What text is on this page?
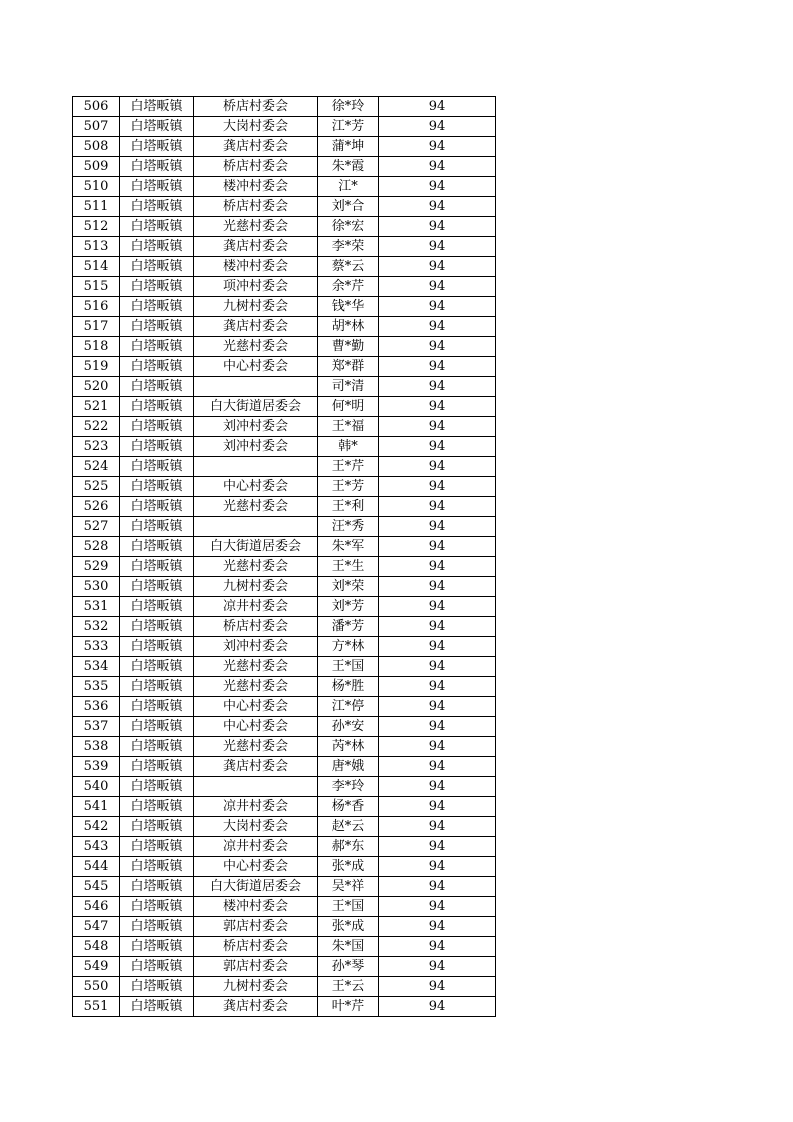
506	白塔畈镇	桥店村委会	徐*玲	94
507	白塔畈镇	大岗村委会	江*芳	94
508	白塔畈镇	龚店村委会	蒲*坤	94
509	白塔畈镇	桥店村委会	朱*霞	94
510	白塔畈镇	楼冲村委会	江*	94
511	白塔畈镇	桥店村委会	刘*合	94
512	白塔畈镇	光慈村委会	徐*宏	94
513	白塔畈镇	龚店村委会	李*荣	94
514	白塔畈镇	楼冲村委会	蔡*云	94
515	白塔畈镇	项冲村委会	余*芹	94
516	白塔畈镇	九树村委会	钱*华	94
517	白塔畈镇	龚店村委会	胡*林	94
518	白塔畈镇	光慈村委会	曹*勤	94
519	白塔畈镇	中心村委会	郑*群	94
520	白塔畈镇		司*清	94
521	白塔畈镇	白大街道居委会	何*明	94
522	白塔畈镇	刘冲村委会	王*福	94
523	白塔畈镇	刘冲村委会	韩*	94
524	白塔畈镇		王*芹	94
525	白塔畈镇	中心村委会	王*芳	94
526	白塔畈镇	光慈村委会	王*利	94
527	白塔畈镇		汪*秀	94
528	白塔畈镇	白大街道居委会	朱*军	94
529	白塔畈镇	光慈村委会	王*生	94
530	白塔畈镇	九树村委会	刘*荣	94
531	白塔畈镇	凉井村委会	刘*芳	94
532	白塔畈镇	桥店村委会	潘*芳	94
533	白塔畈镇	刘冲村委会	方*林	94
534	白塔畈镇	光慈村委会	王*国	94
535	白塔畈镇	光慈村委会	杨*胜	94
536	白塔畈镇	中心村委会	江*停	94
537	白塔畈镇	中心村委会	孙*安	94
538	白塔畈镇	光慈村委会	芮*林	94
539	白塔畈镇	龚店村委会	唐*娥	94
540	白塔畈镇		李*玲	94
541	白塔畈镇	凉井村委会	杨*香	94
542	白塔畈镇	大岗村委会	赵*云	94
543	白塔畈镇	凉井村委会	郝*东	94
544	白塔畈镇	中心村委会	张*成	94
545	白塔畈镇	白大街道居委会	吴*祥	94
546	白塔畈镇	楼冲村委会	王*国	94
547	白塔畈镇	郭店村委会	张*成	94
548	白塔畈镇	桥店村委会	朱*国	94
549	白塔畈镇	郭店村委会	孙*琴	94
550	白塔畈镇	九树村委会	王*云	94
551	白塔畈镇	龚店村委会	叶*芹	94
